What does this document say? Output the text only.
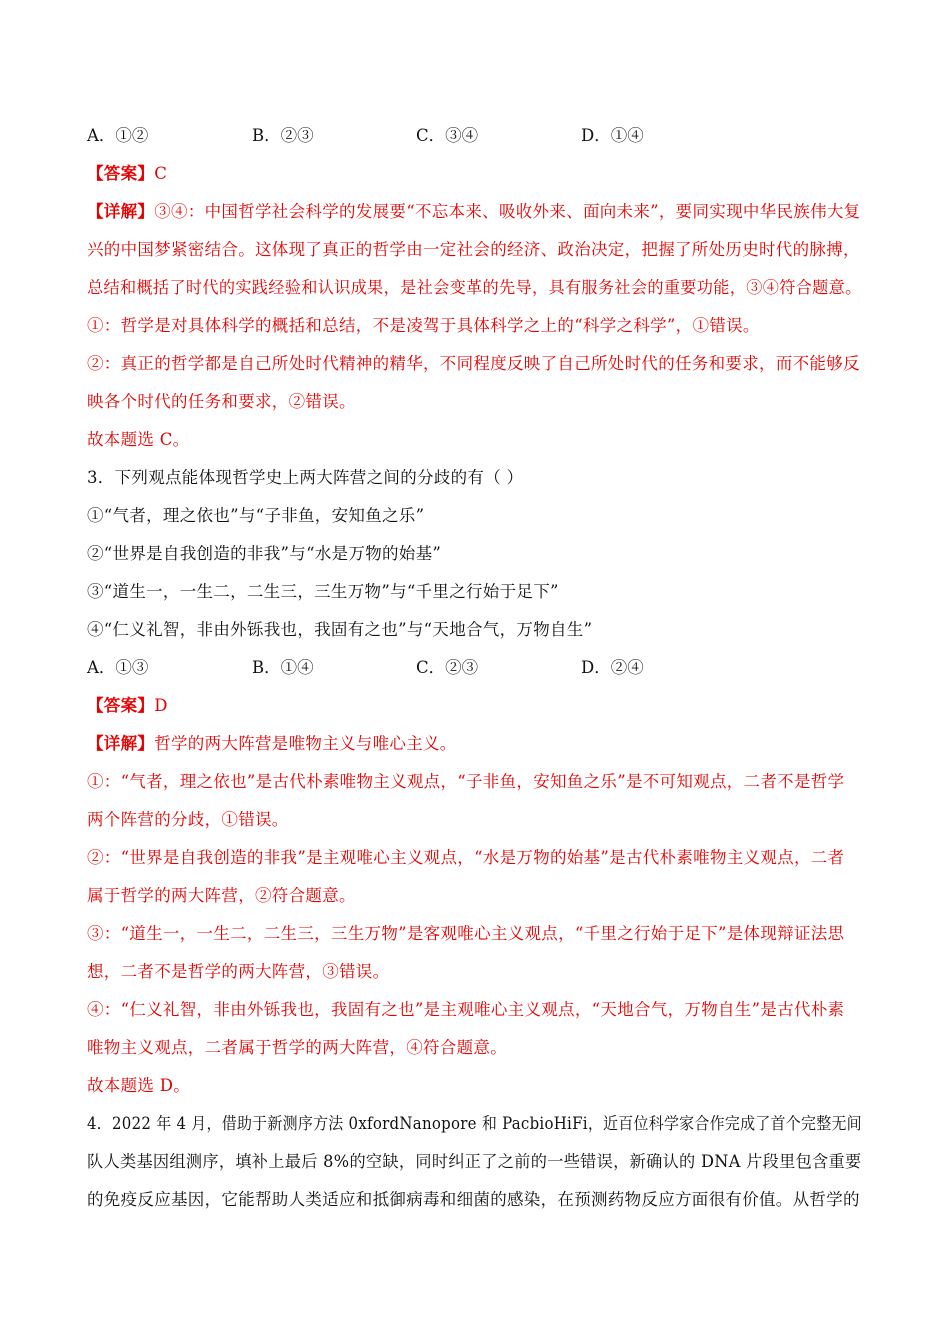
A．①②	B．②③	C．③④	D．①④
【答案】C
【详解】③④：中国哲学社会科学的发展要“不忘本来、吸收外来、面向未来”，要同实现中华民族伟大复
兴的中国梦紧密结合。这体现了真正的哲学由一定社会的经济、政治决定，把握了所处历史时代的脉搏，
总结和概括了时代的实践经验和认识成果，是社会变革的先导，具有服务社会的重要功能，③④符合题意。
①：哲学是对具体科学的概括和总结，不是凌驾于具体科学之上的“科学之科学”，①错误。
②：真正的哲学都是自己所处时代精神的精华，不同程度反映了自己所处时代的任务和要求，而不能够反
映各个时代的任务和要求，②错误。
故本题选 C。
3．下列观点能体现哲学史上两大阵营之间的分歧的有（ ）
①“气者，理之依也”与“子非鱼，安知鱼之乐”
②“世界是自我创造的非我”与“水是万物的始基”
③“道生一，一生二，二生三，三生万物”与“千里之行始于足下”
④“仁义礼智，非由外铄我也，我固有之也”与“天地合气，万物自生”
A．①③	B．①④	C．②③	D．②④
【答案】D
【详解】哲学的两大阵营是唯物主义与唯心主义。
①：“气者，理之依也”是古代朴素唯物主义观点，“子非鱼，安知鱼之乐”是不可知观点，二者不是哲学
两个阵营的分歧，①错误。
②：“世界是自我创造的非我”是主观唯心主义观点，“水是万物的始基”是古代朴素唯物主义观点，二者
属于哲学的两大阵营，②符合题意。
③：“道生一，一生二，二生三，三生万物”是客观唯心主义观点，“千里之行始于足下”是体现辩证法思
想，二者不是哲学的两大阵营，③错误。
④：“仁义礼智，非由外铄我也，我固有之也”是主观唯心主义观点，“天地合气，万物自生”是古代朴素
唯物主义观点，二者属于哲学的两大阵营，④符合题意。
故本题选 D。
4．2022 年 4 月，借助于新测序方法 0xfordNanopore 和 PacbioHiFi，近百位科学家合作完成了首个完整无间
队人类基因组测序，填补上最后 8%的空缺，同时纠正了之前的一些错误，新确认的 DNA 片段里包含重要
的免疫反应基因，它能帮助人类适应和抵御病毒和细菌的感染，在预测药物反应方面很有价值。从哲学的
